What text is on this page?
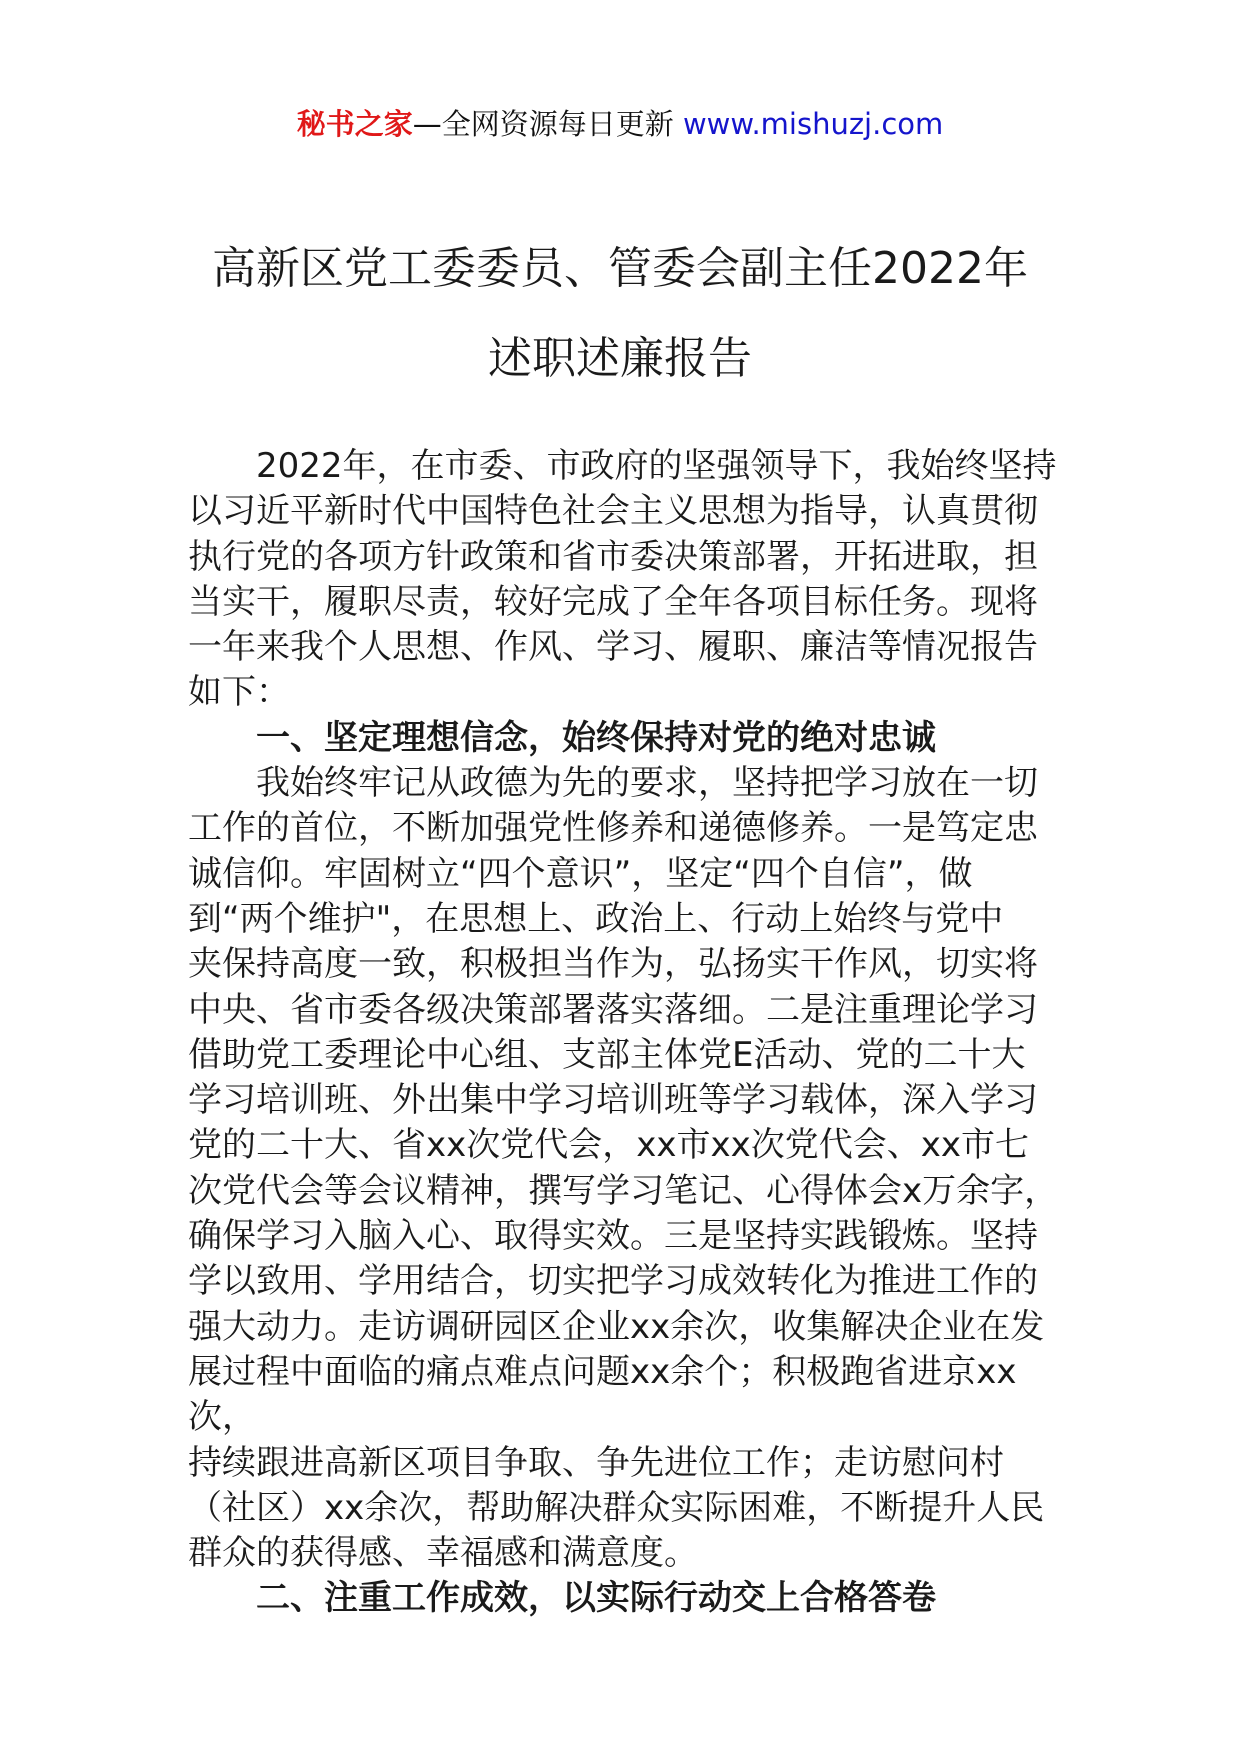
秘书之家—全网资源每日更新 www.mishuzj.com
高新区党工委委员、管委会副主任2022年
述职述廉报告

2022年，在市委、市政府的坚强领导下，我始终坚持

以习近平新时代中国特色社会主义思想为指导，认真贯彻

执行党的各项方针政策和省市委决策部署，开拓进取，担

当实干，履职尽责，较好完成了全年各项目标任务。现将

一年来我个人思想、作风、学习、履职、廉洁等情况报告

如下：

一、坚定理想信念，始终保持对党的绝对忠诚

我始终牢记从政德为先的要求，坚持把学习放在一切

工作的首位，不断加强党性修养和递德修养。一是笃定忠

诚信仰。牢固树立“四个意识”，坚定“四个自信”，做

到“两个维护"，在思想上、政治上、行动上始终与党中

夹保持高度一致，积极担当作为，弘扬实干作风，切实将

中央、省市委各级决策部署落实落细。二是注重理论学习

借助党工委理论中心组、支部主体党E活动、党的二十大

学习培训班、外出集中学习培训班等学习载体，深入学习

党的二十大、省xx次党代会，xx市xx次党代会、xx市七

次党代会等会议精神，撰写学习笔记、心得体会x万余字，

确保学习入脑入心、取得实效。三是坚持实践锻炼。坚持

学以致用、学用结合，切实把学习成效转化为推进工作的

强大动力。走访调研园区企业xx余次，收集解决企业在发

展过程中面临的痛点难点问题xx余个；积极跑省进京xx次，

持续跟进高新区项目争取、争先进位工作；走访慰问村

（社区）xx余次，帮助解决群众实际困难，不断提升人民

群众的获得感、幸福感和满意度。

二、注重工作成效，以实际行动交上合格答卷
